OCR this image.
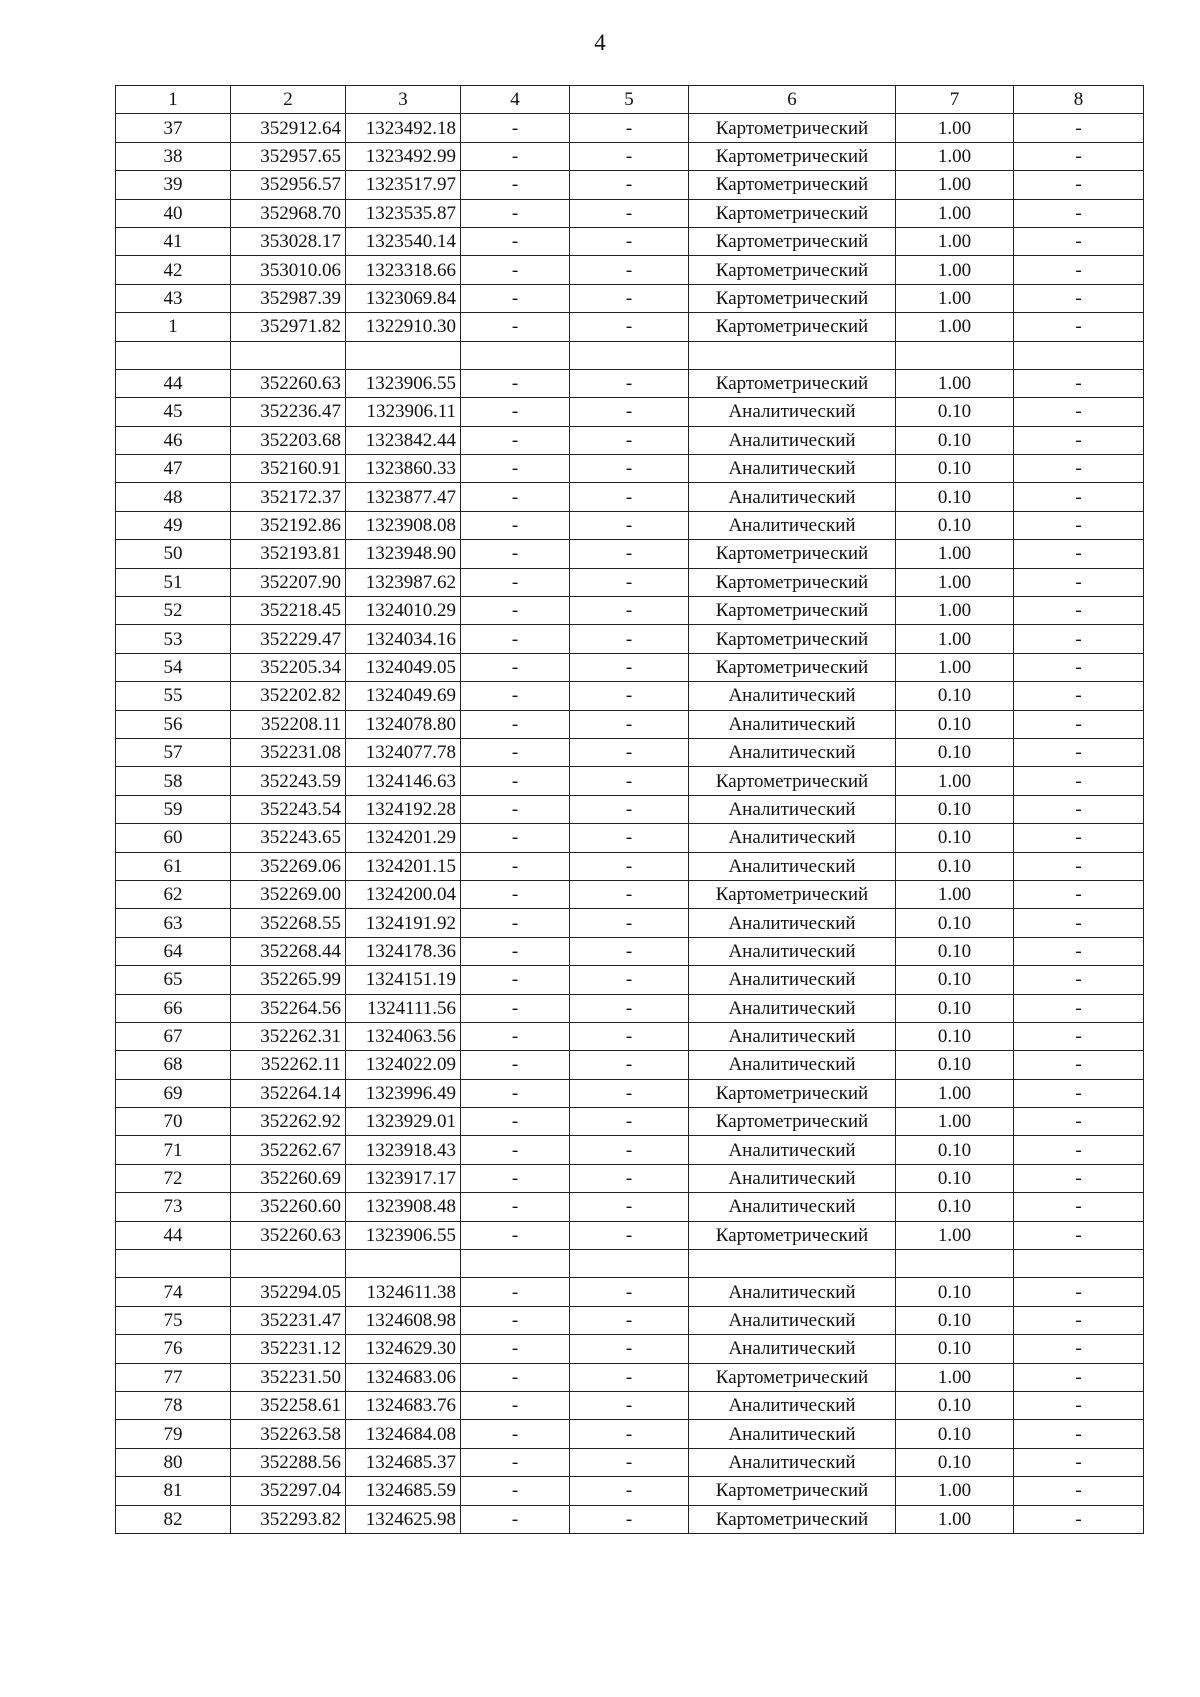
4
1	2	3	4	5	6	7	8
37	352912.64	1323492.18	-	-	Картометрический	1.00	-
38	352957.65	1323492.99	-	-	Картометрический	1.00	-
39	352956.57	1323517.97	-	-	Картометрический	1.00	-
40	352968.70	1323535.87	-	-	Картометрический	1.00	-
41	353028.17	1323540.14	-	-	Картометрический	1.00	-
42	353010.06	1323318.66	-	-	Картометрический	1.00	-
43	352987.39	1323069.84	-	-	Картометрический	1.00	-
1	352971.82	1322910.30	-	-	Картометрический	1.00	-

44	352260.63	1323906.55	-	-	Картометрический	1.00	-
45	352236.47	1323906.11	-	-	Аналитический	0.10	-
46	352203.68	1323842.44	-	-	Аналитический	0.10	-
47	352160.91	1323860.33	-	-	Аналитический	0.10	-
48	352172.37	1323877.47	-	-	Аналитический	0.10	-
49	352192.86	1323908.08	-	-	Аналитический	0.10	-
50	352193.81	1323948.90	-	-	Картометрический	1.00	-
51	352207.90	1323987.62	-	-	Картометрический	1.00	-
52	352218.45	1324010.29	-	-	Картометрический	1.00	-
53	352229.47	1324034.16	-	-	Картометрический	1.00	-
54	352205.34	1324049.05	-	-	Картометрический	1.00	-
55	352202.82	1324049.69	-	-	Аналитический	0.10	-
56	352208.11	1324078.80	-	-	Аналитический	0.10	-
57	352231.08	1324077.78	-	-	Аналитический	0.10	-
58	352243.59	1324146.63	-	-	Картометрический	1.00	-
59	352243.54	1324192.28	-	-	Аналитический	0.10	-
60	352243.65	1324201.29	-	-	Аналитический	0.10	-
61	352269.06	1324201.15	-	-	Аналитический	0.10	-
62	352269.00	1324200.04	-	-	Картометрический	1.00	-
63	352268.55	1324191.92	-	-	Аналитический	0.10	-
64	352268.44	1324178.36	-	-	Аналитический	0.10	-
65	352265.99	1324151.19	-	-	Аналитический	0.10	-
66	352264.56	1324111.56	-	-	Аналитический	0.10	-
67	352262.31	1324063.56	-	-	Аналитический	0.10	-
68	352262.11	1324022.09	-	-	Аналитический	0.10	-
69	352264.14	1323996.49	-	-	Картометрический	1.00	-
70	352262.92	1323929.01	-	-	Картометрический	1.00	-
71	352262.67	1323918.43	-	-	Аналитический	0.10	-
72	352260.69	1323917.17	-	-	Аналитический	0.10	-
73	352260.60	1323908.48	-	-	Аналитический	0.10	-
44	352260.63	1323906.55	-	-	Картометрический	1.00	-

74	352294.05	1324611.38	-	-	Аналитический	0.10	-
75	352231.47	1324608.98	-	-	Аналитический	0.10	-
76	352231.12	1324629.30	-	-	Аналитический	0.10	-
77	352231.50	1324683.06	-	-	Картометрический	1.00	-
78	352258.61	1324683.76	-	-	Аналитический	0.10	-
79	352263.58	1324684.08	-	-	Аналитический	0.10	-
80	352288.56	1324685.37	-	-	Аналитический	0.10	-
81	352297.04	1324685.59	-	-	Картометрический	1.00	-
82	352293.82	1324625.98	-	-	Картометрический	1.00	-
